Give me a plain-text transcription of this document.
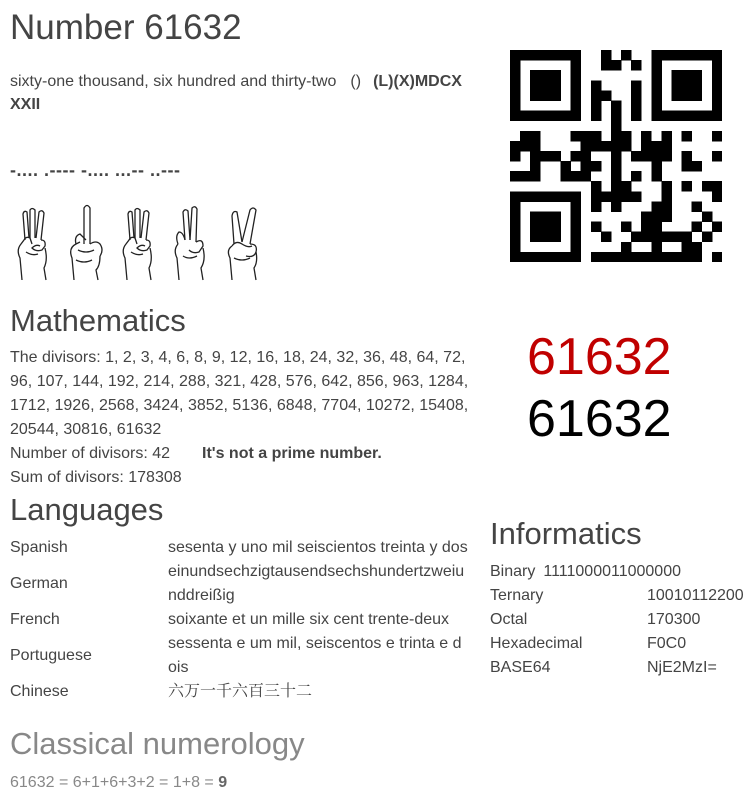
Number 61632
sixty-one thousand, six hundred and thirty-two () (L)(X)MDCX XXII
-.... .---- -.... ...-- ..---

Mathematics
61632
61632
The divisors: 1, 2, 3, 4, 6, 8, 9, 12, 16, 18, 24, 32, 36, 48, 64, 72, 96, 107, 144, 192, 214, 288, 321, 428, 576, 642, 856, 963, 1284, 1712, 1926, 2568, 3424, 3852, 5136, 6848, 7704, 10272, 15408, 20544, 30816, 61632
Number of divisors: 42 It's not a prime number.
Sum of divisors: 178308
Languages
Spanish	sesenta y uno mil seiscientos treinta y dos
German	einundsechzigtausendsechshundertzweiunddreißig
French	soixante et un mille six cent trente-deux
Portuguese	sessenta e um mil, seiscentos e trinta e dois
Chinese	六万一千六百三十二
Informatics
Binary 1111000011000000
Ternary	10010112200
Octal	170300
Hexadecimal	F0C0
BASE64	NjE2MzI=
Classical numerology
61632 = 6+1+6+3+2 = 1+8 = 9
